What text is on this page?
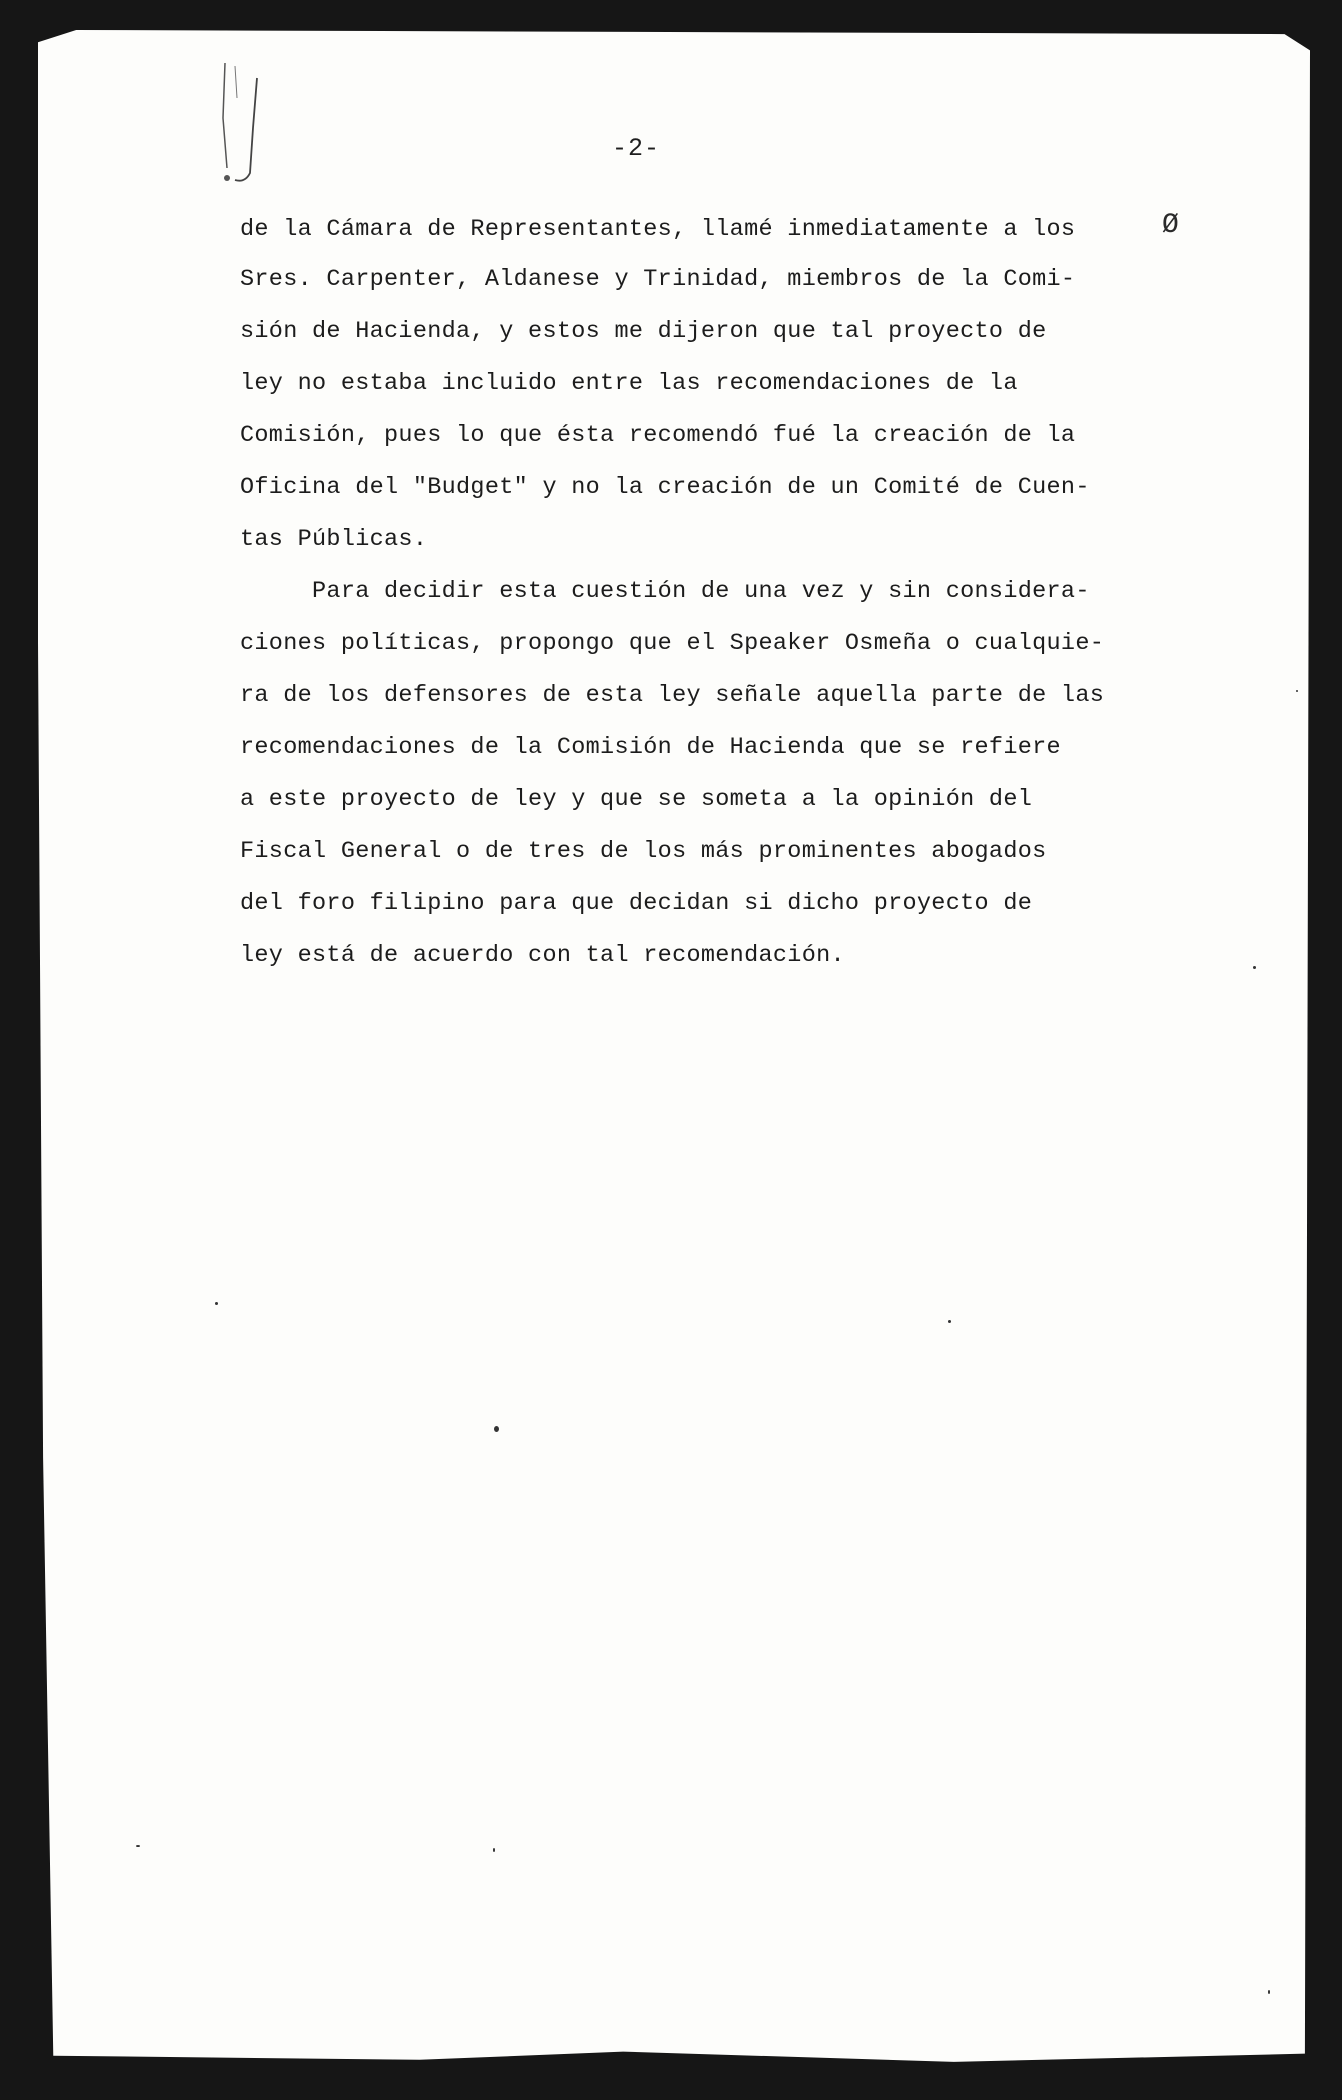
-2-
de la Cámara de Representantes, llamé inmediatamente a los	Ø
Sres. Carpenter, Aldanese y Trinidad, miembros de la Comi-
sión de Hacienda, y estos me dijeron que tal proyecto de
ley no estaba incluido entre las recomendaciones de la
Comisión, pues lo que ésta recomendó fué la creación de la
Oficina del "Budget" y no la creación de un Comité de Cuen-
tas Públicas.
Para decidir esta cuestión de una vez y sin considera-
ciones políticas, propongo que el Speaker Osmeña o cualquie-
ra de los defensores de esta ley señale aquella parte de las
recomendaciones de la Comisión de Hacienda que se refiere
a este proyecto de ley y que se someta a la opinión del
Fiscal General o de tres de los más prominentes abogados
del foro filipino para que decidan si dicho proyecto de
ley está de acuerdo con tal recomendación.
